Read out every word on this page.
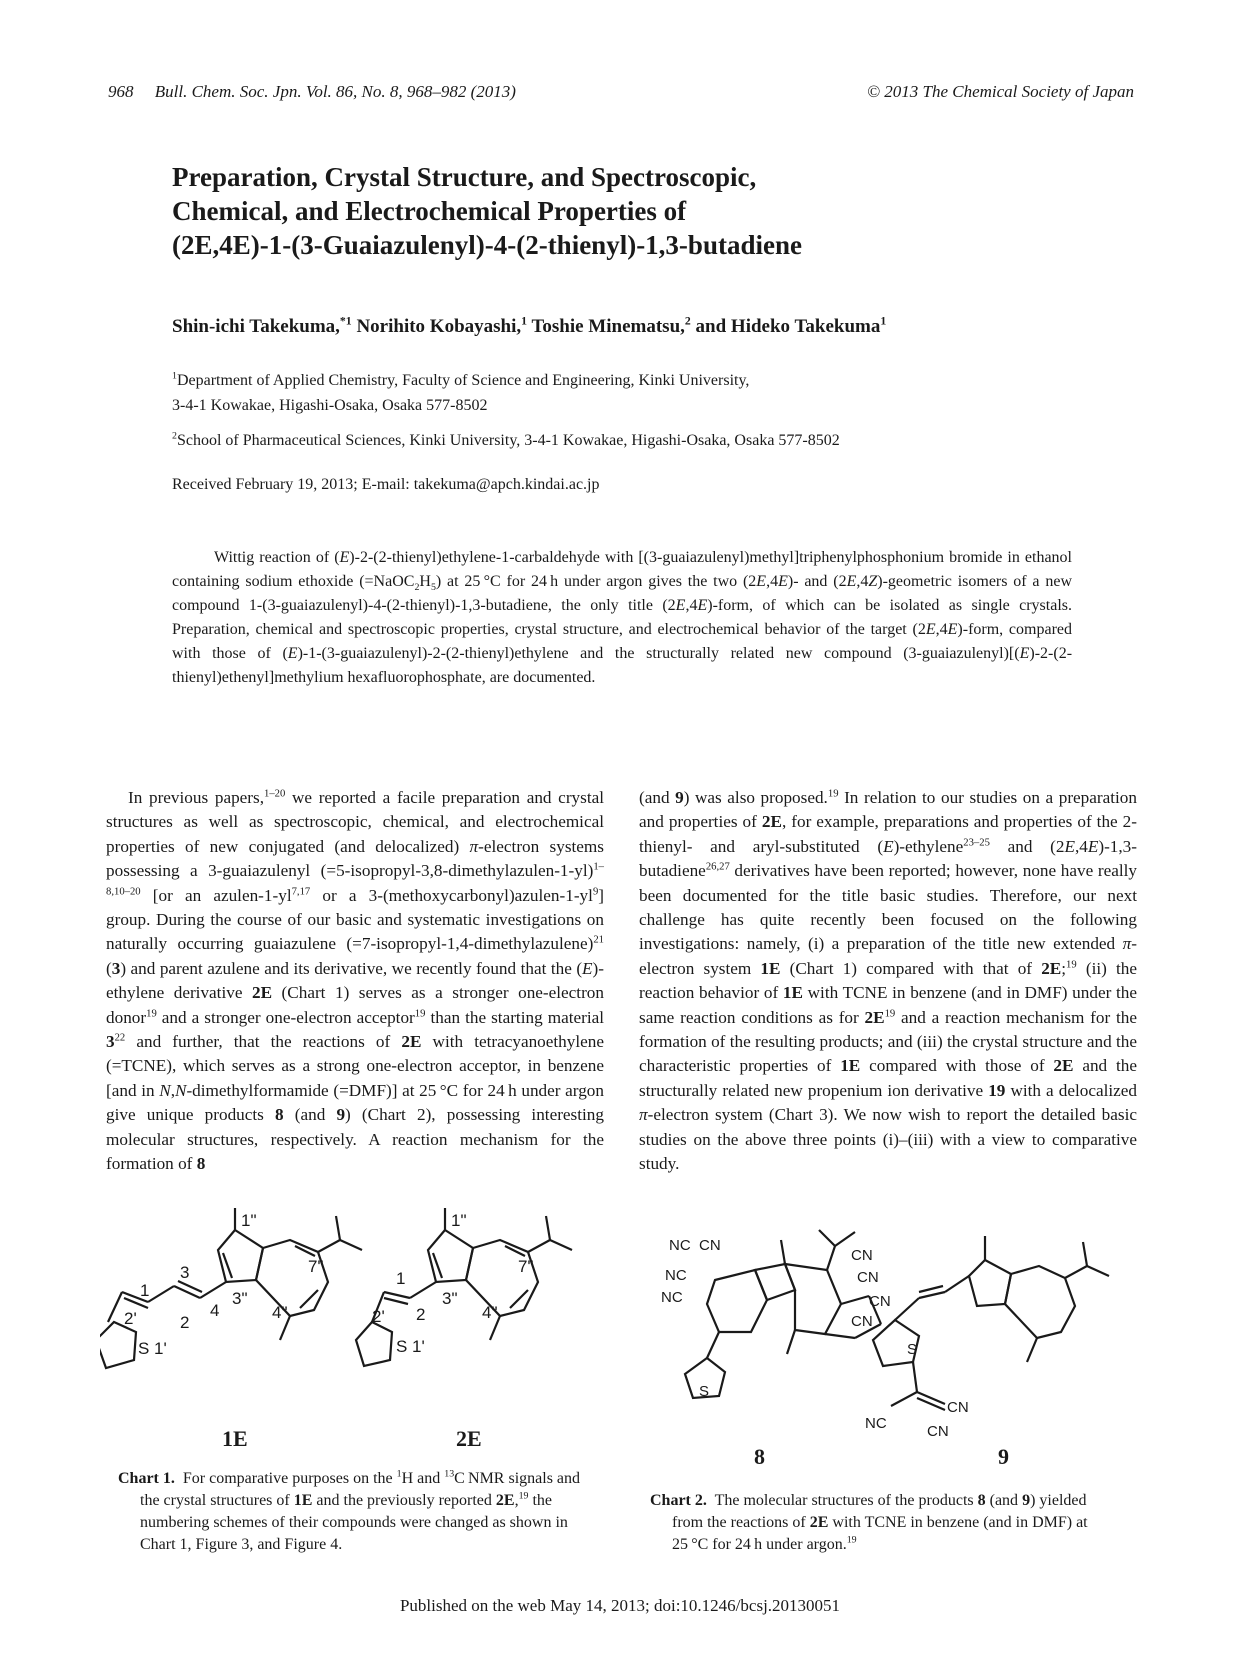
968 Bull. Chem. Soc. Jpn. Vol. 86, No. 8, 968–982 (2013)	© 2013 The Chemical Society of Japan
Preparation, Crystal Structure, and Spectroscopic,
Chemical, and Electrochemical Properties of
(2E,4E)-1-(3-Guaiazulenyl)-4-(2-thienyl)-1,3-butadiene
Shin-ichi Takekuma,$^{*1}$ Norihito Kobayashi,$^1$ Toshie Minematsu,$^2$ and Hideko Takekuma$^1$
$^1$Department of Applied Chemistry, Faculty of Science and Engineering, Kinki University,
3-4-1 Kowakae, Higashi-Osaka, Osaka 577-8502
$^2$School of Pharmaceutical Sciences, Kinki University, 3-4-1 Kowakae, Higashi-Osaka, Osaka 577-8502
Received February 19, 2013; E-mail: takekuma@apch.kindai.ac.jp

Wittig reaction of (E)-2-(2-thienyl)ethylene-1-carbaldehyde with [(3-guaiazulenyl)methyl]triphenylphosphonium bromide in ethanol containing sodium ethoxide $(=NaOC_2H_5)$ at 25 °C for 24 h under argon gives the two (2E,4E)- and (2E,4Z)-geometric isomers of a new compound 1-(3-guaiazulenyl)-4-(2-thienyl)-1,3-butadiene, the only title (2E,4E)-form, of which can be isolated as single crystals. Preparation, chemical and spectroscopic properties, crystal structure, and electrochemical behavior of the target (2E,4E)-form, compared with those of (E)-1-(3-guaiazulenyl)-2-(2-thienyl)ethylene and the structurally related new compound (3-guaiazulenyl)[(E)-2-(2-thienyl)ethenyl]methylium hexafluorophosphate, are documented.

In previous papers,$^{1-20}$ we reported a facile preparation and crystal structures as well as spectroscopic, chemical, and electrochemical properties of new conjugated (and delocalized) π-electron systems possessing a 3-guaiazulenyl (=5-isopropyl-3,8-dimethylazulen-1-yl)$^{1-8,10-20}$ [or an azulen-1-yl$^{7,17}$ or a $3-(methoxycarbonyl)azulen-1-yl^9$] group. During the course of our basic and systematic investigations on naturally occurring guaiazulene (=7-isopropyl-1,4-dimethylazulene)$^{21}$ (3) and parent azulene and its derivative, we recently found that the (E)-ethylene derivative 2E (Chart 1) serves as a stronger one-electron donor$^{19}$ and a stronger one-electron acceptor$^{19}$ than the starting material $3^{22}$ and further, that the reactions of 2E with tetracyanoethylene (=TCNE), which serves as a strong one-electron acceptor, in benzene [and in N,N-dimethylformamide (=DMF)] at 25 °C for 24 h under argon give unique products 8 (and 9) (Chart 2), possessing interesting molecular structures, respectively. A reaction mechanism for the formation of 8

(and 9) was also proposed.$^{19}$ In relation to our studies on a preparation and properties of 2E, for example, preparations and properties of the 2-thienyl- and aryl-substituted (E)-ethylene$^{23-25}$ and (2E,4E)-1,3-butadiene$^{26,27}$ derivatives have been reported; however, none have really been documented for the title basic studies. Therefore, our next challenge has quite recently been focused on the following investigations: namely, (i) a preparation of the title new extended π-electron system 1E (Chart 1) compared with that of 2E;$^{19}$ (ii) the reaction behavior of 1E with TCNE in benzene (and in DMF) under the same reaction conditions as for $2E^{19}$ and a reaction mechanism for the formation of the resulting products; and (iii) the crystal structure and the characteristic properties of 1E compared with those of 2E and the structurally related new propenium ion derivative 19 with a delocalized π-electron system (Chart 3). We now wish to report the detailed basic studies on the above three points (i)–(iii) with a view to comparative study.

1"
7"
3"
4"
3
4
1
2
2'
S 1'
1"
7"
3"
4"
1
2
2'
S 1'
1E	2E
Chart 1.  For comparative purposes on the $^1$H and $^{13}$C NMR signals and the crystal structures of 1E and the previously reported 2E,$^{19}$ the numbering schemes of their compounds were changed as shown in Chart 1, Figure 3, and Figure 4.
NC CN
NC
NC
CN
CN
CN
CN
S
S
CN
NC	CN
8	9
Chart 2.  The molecular structures of the products 8 (and 9) yielded from the reactions of 2E with TCNE in benzene (and in DMF) at 25 °C for 24 h under argon.$^{19}$
Published on the web May 14, 2013; doi:10.1246/bcsj.20130051
